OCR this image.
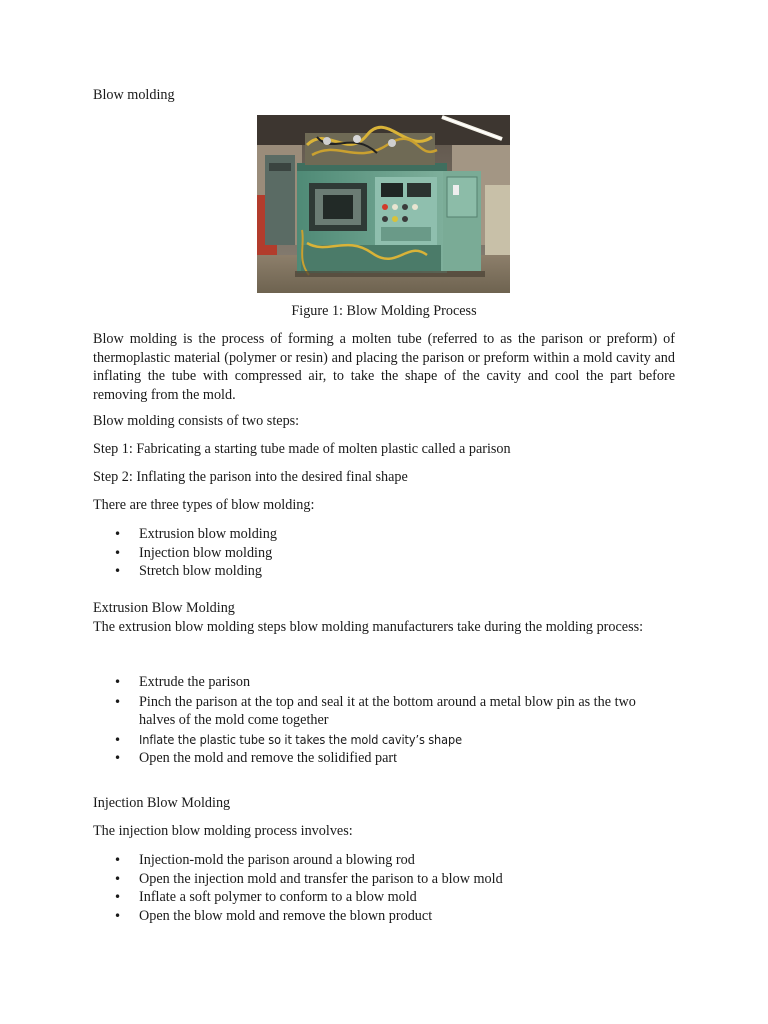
Blow molding

Figure 1: Blow Molding Process

Blow molding is the process of forming a molten tube (referred to as the parison or preform) of thermoplastic material (polymer or resin) and placing the parison or preform within a mold cavity and inflating the tube with compressed air, to take the shape of the cavity and cool the part before removing from the mold.

Blow molding consists of two steps:

Step 1: Fabricating a starting tube made of molten plastic called a parison

Step 2: Inflating the parison into the desired final shape

There are three types of blow molding:

• Extrusion blow molding
• Injection blow molding
• Stretch blow molding

Extrusion Blow Molding

The extrusion blow molding steps blow molding manufacturers take during the molding process:

• Extrude the parison
• Pinch the parison at the top and seal it at the bottom around a metal blow pin as the two halves of the mold come together
• Inflate the plastic tube so it takes the mold cavity’s shape
• Open the mold and remove the solidified part

Injection Blow Molding

The injection blow molding process involves:

• Injection-mold the parison around a blowing rod
• Open the injection mold and transfer the parison to a blow mold
• Inflate a soft polymer to conform to a blow mold
• Open the blow mold and remove the blown product
